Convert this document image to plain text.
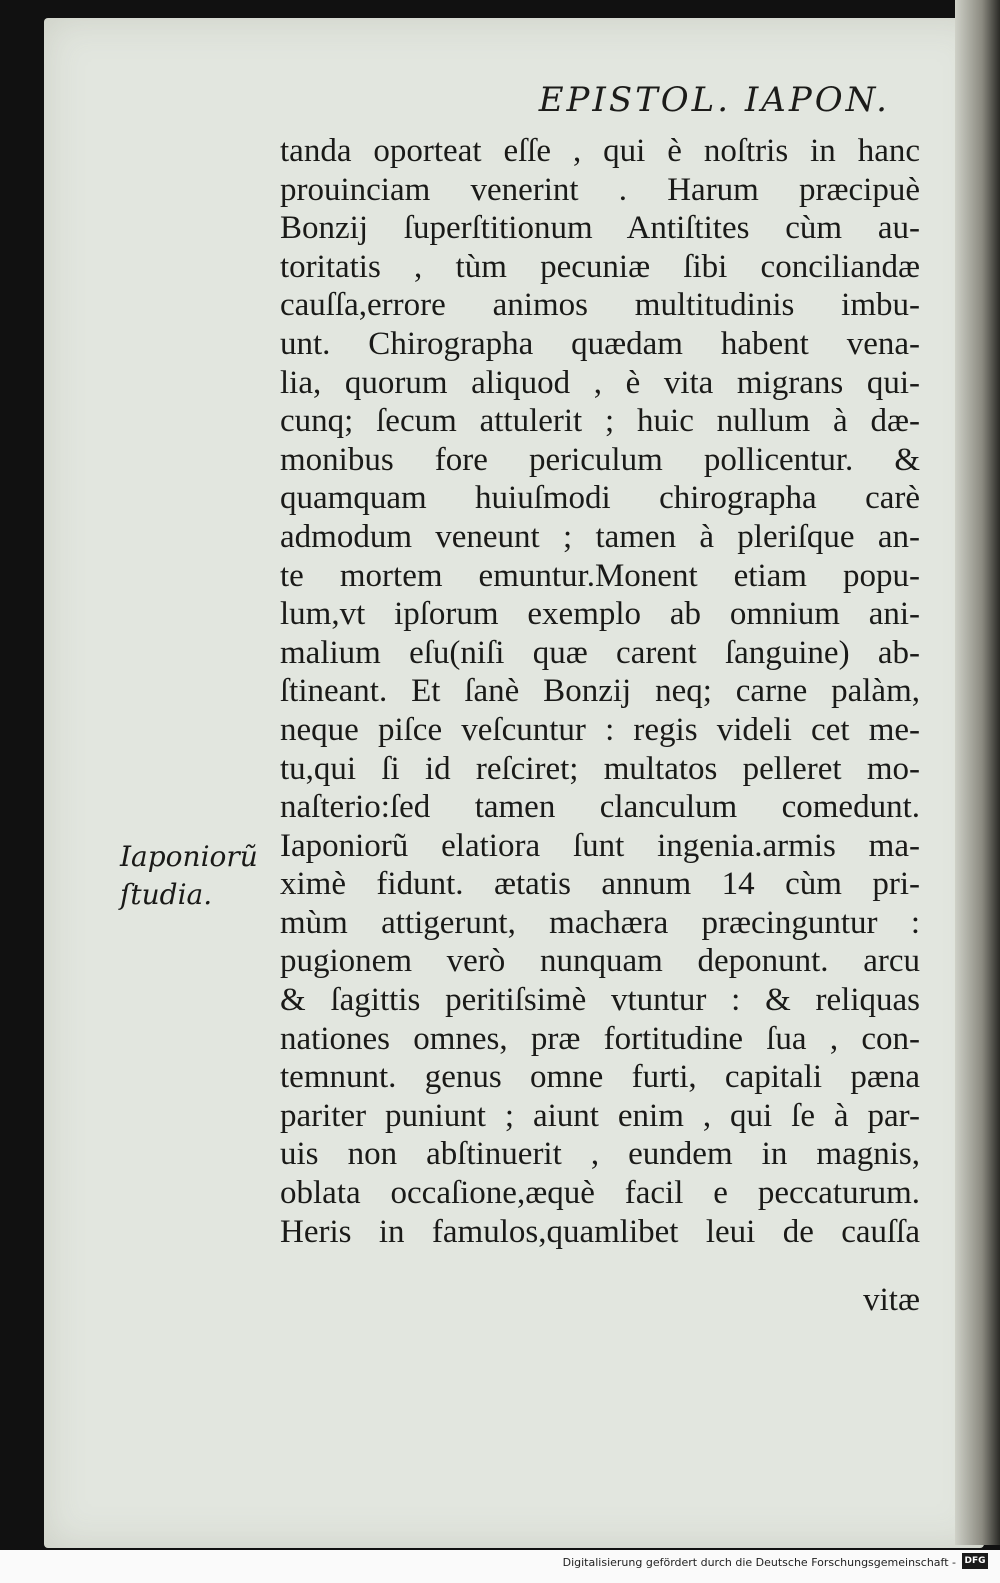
EPISTOL. IAPON.
tanda oporteat eſſe , qui è noſtris in hanc
prouinciam venerint . Harum præcipuè
Bonzij ſuperſtitionum Antiſtites cùm au-
toritatis , tùm pecuniæ ſibi conciliandæ
cauſſa,errore animos multitudinis imbu-
unt. Chirographa quædam habent vena-
lia, quorum aliquod , è vita migrans qui-
cunq; ſecum attulerit ; huic nullum à dæ-
monibus fore periculum pollicentur. &
quamquam huiuſmodi chirographa carè
admodum veneunt ; tamen à pleriſque an-
te mortem emuntur.Monent etiam popu-
lum,vt ipſorum exemplo ab omnium ani-
malium eſu(niſi quæ carent ſanguine) ab-
ſtineant. Et ſanè Bonzij neq; carne palàm,
neque piſce veſcuntur : regis videli cet me-
tu,qui ſi id reſciret; multatos pelleret mo-
naſterio:ſed tamen clanculum comedunt.
Iaponiorũ elatiora ſunt ingenia.armis ma-
ximè fidunt. ætatis annum 14 cùm pri-
mùm attigerunt, machæra præcinguntur :
pugionem verò nunquam deponunt. arcu
& ſagittis peritiſsimè vtuntur : & reliquas
nationes omnes, præ fortitudine ſua , con-
temnunt. genus omne furti, capitali pæna
pariter puniunt ; aiunt enim , qui ſe à par-
uis non abſtinuerit , eundem in magnis,
oblata occaſione,æquè facil e peccaturum.
Heris in famulos,quamlibet leui de cauſſa
vitæ
Iaponiorũ
ſtudia.
Digitalisierung gefördert durch die Deutsche Forschungsgemeinschaft - DFG
